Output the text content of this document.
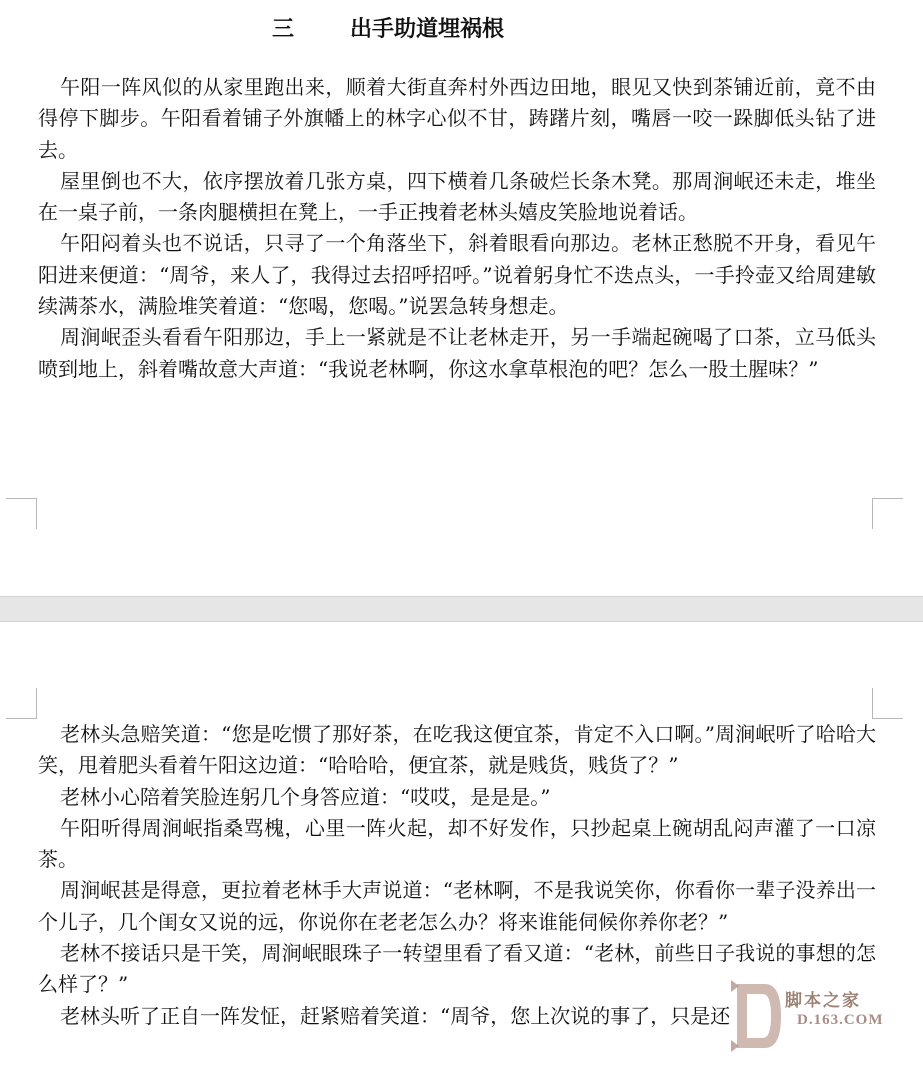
三	出手助道埋祸根

午阳一阵风似的从家里跑出来，顺着大街直奔村外西边田地，眼见又快到茶铺近前，竟不由得停下脚步。午阳看着铺子外旗幡上的林字心似不甘，踌躇片刻，嘴唇一咬一跺脚低头钻了进去。

屋里倒也不大，依序摆放着几张方桌，四下横着几条破烂长条木凳。那周涧岷还未走，堆坐在一桌子前，一条肉腿横担在凳上，一手正拽着老林头嬉皮笑脸地说着话。

午阳闷着头也不说话，只寻了一个角落坐下，斜着眼看向那边。老林正愁脱不开身，看见午阳进来便道：“周爷，来人了，我得过去招呼招呼。”说着躬身忙不迭点头，一手拎壶又给周建敏续满茶水，满脸堆笑着道：“您喝，您喝。”说罢急转身想走。

周涧岷歪头看看午阳那边，手上一紧就是不让老林走开，另一手端起碗喝了口茶，立马低头喷到地上，斜着嘴故意大声道：“我说老林啊，你这水拿草根泡的吧？怎么一股土腥味？”

老林头急赔笑道：“您是吃惯了那好茶，在吃我这便宜茶，肯定不入口啊。”周涧岷听了哈哈大笑，甩着肥头看着午阳这边道：“哈哈哈，便宜茶，就是贱货，贱货了？”

老林小心陪着笑脸连躬几个身答应道：“哎哎，是是是。”

午阳听得周涧岷指桑骂槐，心里一阵火起，却不好发作，只抄起桌上碗胡乱闷声灌了一口凉茶。

周涧岷甚是得意，更拉着老林手大声说道：“老林啊，不是我说笑你，你看你一辈子没养出一个儿子，几个闺女又说的远，你说你在老老怎么办？将来谁能伺候你养你老？”

老林不接话只是干笑，周涧岷眼珠子一转望里看了看又道：“老林，前些日子我说的事想的怎么样了？”

老林头听了正自一阵发怔，赶紧赔着笑道：“周爷，您上次说的事了，只是还

脚本之家
D.163.COM
